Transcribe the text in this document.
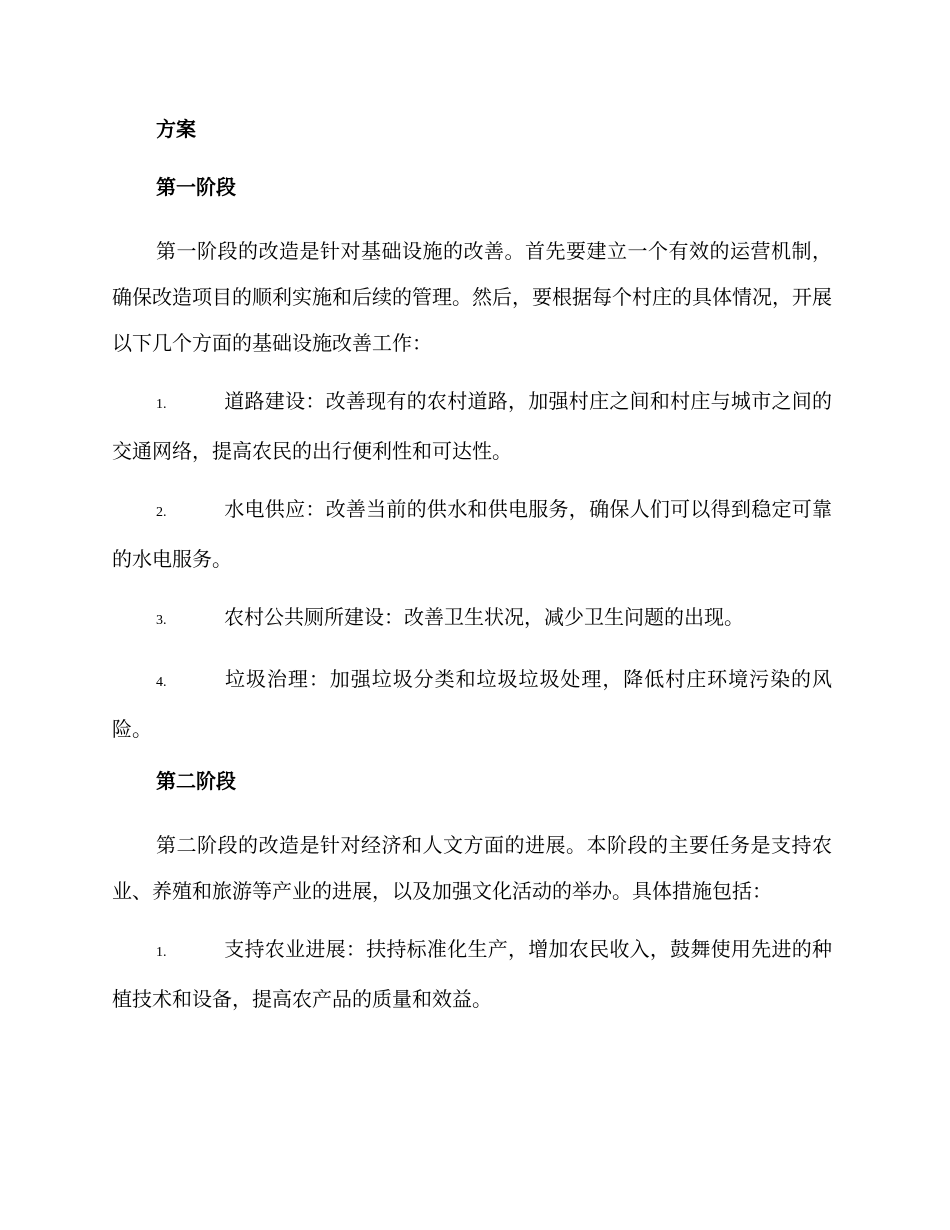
方案
第一阶段

第一阶段的改造是针对基础设施的改善。首先要建立一个有效的运营机制，确保改造项目的顺利实施和后续的管理。然后，要根据每个村庄的具体情况，开展以下几个方面的基础设施改善工作：

1.	道路建设：改善现有的农村道路，加强村庄之间和村庄与城市之间的交通网络，提高农民的出行便利性和可达性。

2.	水电供应：改善当前的供水和供电服务，确保人们可以得到稳定可靠的水电服务。

3.	农村公共厕所建设：改善卫生状况，减少卫生问题的出现。

4.	垃圾治理：加强垃圾分类和垃圾垃圾处理，降低村庄环境污染的风险。

第二阶段

第二阶段的改造是针对经济和人文方面的进展。本阶段的主要任务是支持农业、养殖和旅游等产业的进展，以及加强文化活动的举办。具体措施包括：

1.	支持农业进展：扶持标准化生产，增加农民收入，鼓舞使用先进的种植技术和设备，提高农产品的质量和效益。
